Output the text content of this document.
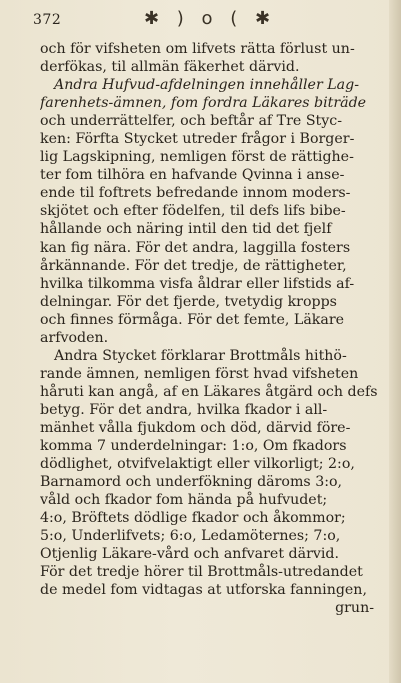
372	✱ ) o ( ✱
och för vifsheten om lifvets rätta förlust un-
derfökas, til allmän fäkerhet därvid.
Andra Hufvud-afdelningen innehåller Lag-
farenhets-ämnen, fom fordra Läkares biträde
och underrättelfer, och beftår af Tre Styc-
ken: Förfta Stycket utreder frågor i Borger-
lig Lagskipning, nemligen först de rättighe-
ter fom tilhöra en hafvande Qvinna i anse-
ende til foftrets befredande innom moders-
skjötet och efter födelfen, til defs lifs bibe-
hållande och näring intil den tid det fjelf
kan fig nära. För det andra, laggilla fosters
årkännande. För det tredje, de rättigheter,
hvilka tilkomma visfa åldrar eller lifstids af-
delningar. För det fjerde, tvetydig kropps
och finnes förmåga. För det femte, Läkare
arfvoden.
Andra Stycket förklarar Brottmåls hithö-
rande ämnen, nemligen först hvad vifsheten
håruti kan angå, af en Läkares åtgärd och defs
betyg. För det andra, hvilka fkador i all-
mänhet vålla fjukdom och död, därvid före-
komma 7 underdelningar: 1:o, Om fkadors
dödlighet, otvifvelaktigt eller vilkorligt; 2:o,
Barnamord och underfökning däroms 3:o,
våld och fkador fom hända på hufvudet;
4:o, Bröftets dödlige fkador och åkommor;
5:o, Underlifvets; 6:o, Ledamöternes; 7:o,
Otjenlig Läkare-vård och anfvaret därvid.
För det tredje hörer til Brottmåls-utredandet
de medel fom vidtagas at utforska fanningen,
grun-
